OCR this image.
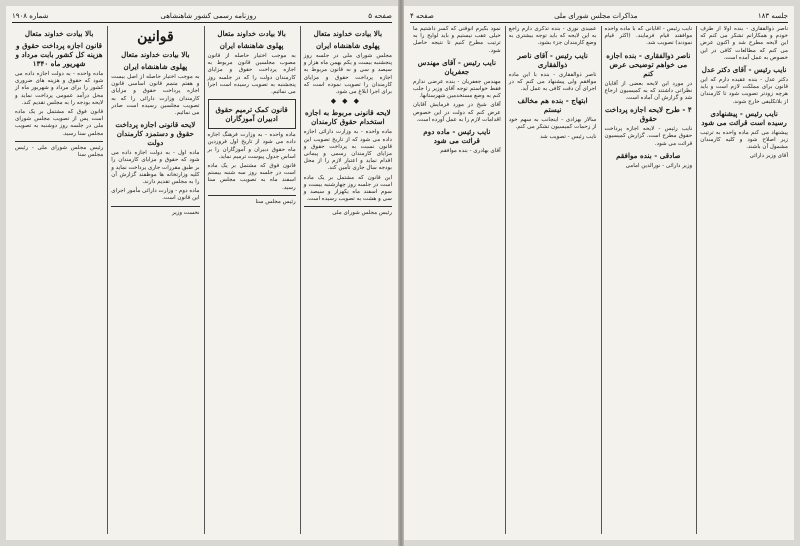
صفحه ۵
روزنامه رسمی کشور شاهنشاهی
شماره ۱۹۰۸
بالا بیادت خداوند متعال
پهلوی شاهنشاه ایران

مجلس شورای ملی در جلسه روز پنجشنبه بیست و یکم بهمن ماه هزار و سیصد و سی و نه قانون مربوط به اجازه پرداخت حقوق و مزایای کارمندان را تصویب نموده است که برای اجرا ابلاغ می شود.

◆◆◆
لایحه قانونی مربوط به اجازه استخدام حقوق کارمندان

ماده واحده - به وزارت دارائی اجازه داده می شود که از تاریخ تصویب این قانون نسبت به پرداخت حقوق و مزایای کارمندان رسمی و پیمانی اقدام نماید و اعتبار لازم را از محل بودجه سال جاری تأمین کند.

این قانون که مشتمل بر یک ماده است در جلسه روز چهارشنبه بیست و سوم اسفند ماه یکهزار و سیصد و سی و هشت به تصویب رسیده است.

رئیس مجلس شورای ملی

بالا بیادت خداوند متعال
پهلوی شاهنشاه ایران

به موجب اختیار حاصله از قانون مصوب مجلسین قانون مربوط به اجازه پرداخت حقوق و مزایای کارمندان دولت را که در جلسه روز پنجشنبه به تصویب رسیده است اجرا می نمائیم.

قانون کمک ترمیم حقوق ادبیران آموزگاران

ماده واحده - به وزارت فرهنگ اجازه داده می شود از تاریخ اول فروردین ماه حقوق دبیران و آموزگاران را بر اساس جدول پیوست ترمیم نماید.

قانون فوق که مشتمل بر یک ماده است در جلسه روز سه شنبه بیستم اسفند ماه به تصویب مجلس سنا رسید.

رئیس مجلس سنا

قوانین
بالا بیادت خداوند متعال
پهلوی شاهنشاه ایران

به موجب اختیار حاصله از اصل بیست و هفتم متمم قانون اساسی قانون اجازه پرداخت حقوق و مزایای کارمندان وزارت دارائی را که به تصویب مجلسین رسیده است صادر می نمائیم.

لایحه قانونی اجازه پرداخت حقوق و دستمزد کارمندان دولت

ماده اول - به دولت اجازه داده می شود که حقوق و مزایای کارمندان را بر طبق مقررات جاری پرداخت نماید و کلیه وزارتخانه ها موظفند گزارش آن را به مجلس تقدیم دارند.

ماده دوم - وزارت دارائی مأمور اجرای این قانون است.

نخست وزیر

بالا بیادت خداوند متعال
قانون اجازه پرداخت حقوق و هزینه کل کشور بابت مرداد و شهریور ماه ۱۳۴۰

ماده واحده - به دولت اجازه داده می شود که حقوق و هزینه های ضروری کشور را برای مرداد و شهریور ماه از محل درآمد عمومی پرداخت نماید و لایحه بودجه را به مجلس تقدیم کند.

قانون فوق که مشتمل بر یک ماده است پس از تصویب مجلس شورای ملی در جلسه روز دوشنبه به تصویب مجلس سنا رسید.

رئیس مجلس شورای ملی - رئیس مجلس سنا

جلسه ۱۸۳
مذاکرات مجلس شورای ملی
صفحه ۴

ناصر ذوالفقاری - بنده اولاً از طرف خودم و همکارانم تشکر می کنم که این لایحه مطرح شد و اکنون عرض می کنم که مطالعات کافی در این خصوص به عمل آمده است.

نایب رئیس - آقای دکتر عدل

دکتر عدل - بنده عقیده دارم که این قانون برای مملکت لازم است و باید هرچه زودتر تصویب شود تا کارمندان از بلاتکلیفی خارج شوند.

نایب رئیس - پیشنهادی رسیده است قرائت می شود

پیشنهاد می کنم ماده واحده به ترتیب زیر اصلاح شود و کلیه کارمندان مشمول آن باشند.

آقای وزیر دارائی

نایب رئیس - آقایانی که با ماده واحده موافقند قیام فرمایند. (اکثر قیام نمودند) تصویب شد.

ناصر ذوالفقاری - بنده اجازه می خواهم توضیحی عرض کنم

در مورد این لایحه بعضی از آقایان نظراتی داشتند که به کمیسیون ارجاع شد و گزارش آن آماده است.

۴ - طرح لایحه اجازه پرداخت حقوق

نایب رئیس - لایحه اجازه پرداخت حقوق مطرح است. گزارش کمیسیون قرائت می شود.

صادقی - بنده موافقم

وزیر دارائی - نورالدین امامی

عمیدی نوری - بنده تذکری دارم راجع به این لایحه که باید توجه بیشتری به وضع کارمندان جزء بشود.

نایب رئیس - آقای ناصر ذوالفقاری

ناصر ذوالفقاری - بنده با این ماده موافقم ولی پیشنهاد می کنم که در اجرای آن دقت کافی به عمل آید.

ابتهاج - بنده هم مخالف نیستم

سالار بهزادی - اینجانب به سهم خود از زحمات کمیسیون تشکر می کنم.

نایب رئیس - تصویب شد

نمود بگیرم آنوقتی که کسر داشتیم ما خیلی عقب نیستیم و باید لوایح را به ترتیب مطرح کنیم تا نتیجه حاصل شود.

نایب رئیس - آقای مهندس جعفریان

مهندس جعفریان - بنده عرضی ندارم فقط خواستم توجه آقای وزیر را جلب کنم به وضع مستخدمین شهرستانها.

آقای شیخ در مورد فرمایش آقایان عرض کنم که دولت در این خصوص اقدامات لازم را به عمل آورده است.

نایب رئیس - ماده دوم قرائت می شود

آقای بهادری - بنده موافقم
